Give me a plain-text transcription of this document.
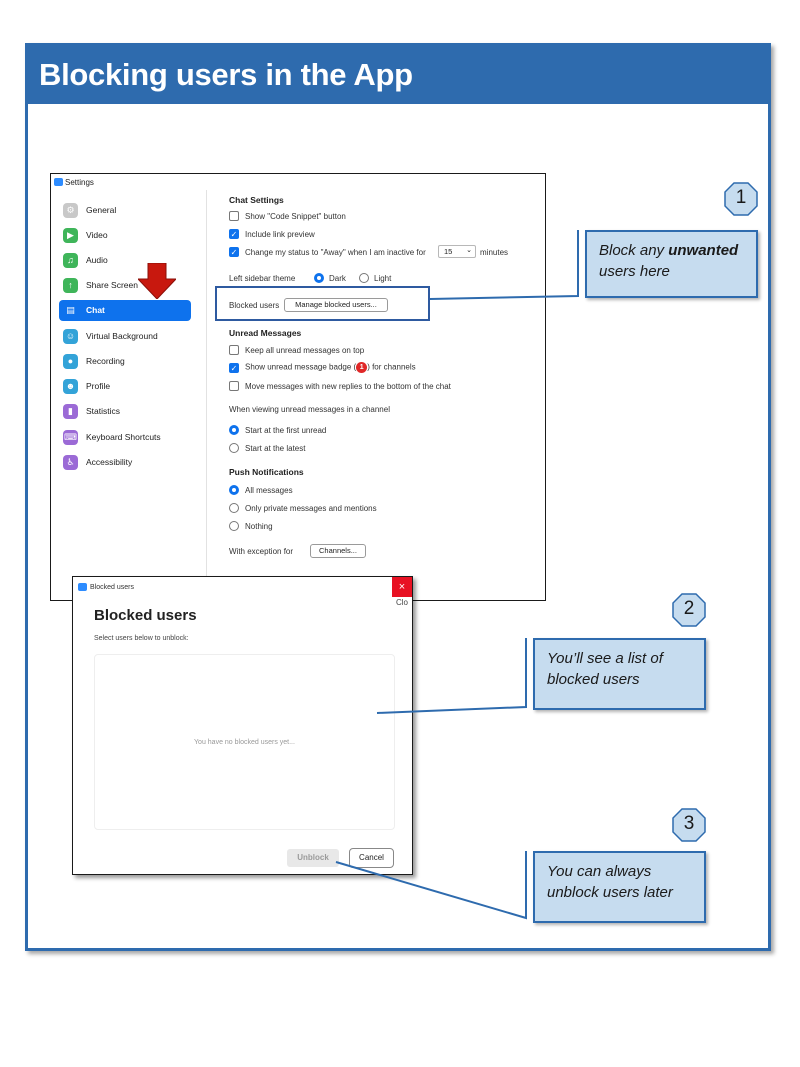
Blocking users in the App
Settings
⚙	General
▶	Video
♫	Audio
↑	Share Screen
▤	Chat
☺	Virtual Background
●	Recording
☻	Profile
▮	Statistics
⌨ Keyboard Shortcuts
♿	Accessibility
Chat Settings
Show "Code Snippet" button
✓ Include link preview
✓ Change my status to "Away" when I am inactive for 15 ⌄ minutes
Left sidebar theme	Dark	Light
Blocked users	Manage blocked users...
Unread Messages
Keep all unread messages on top
✓ Show unread message badge ( 1 ) for channels
Move messages with new replies to the bottom of the chat
When viewing unread messages in a channel
Start at the first unread
Start at the latest
Push Notifications
All messages
Only private messages and mentions
Nothing
With exception for	Channels...
Blocked users	×
Blocked users
Select users below to unblock:
You have no blocked users yet...
Unblock	Cancel
Clo
Block any unwanted
users here
You’ll see a list of blocked users
You can always unblock users later
1
2
3
